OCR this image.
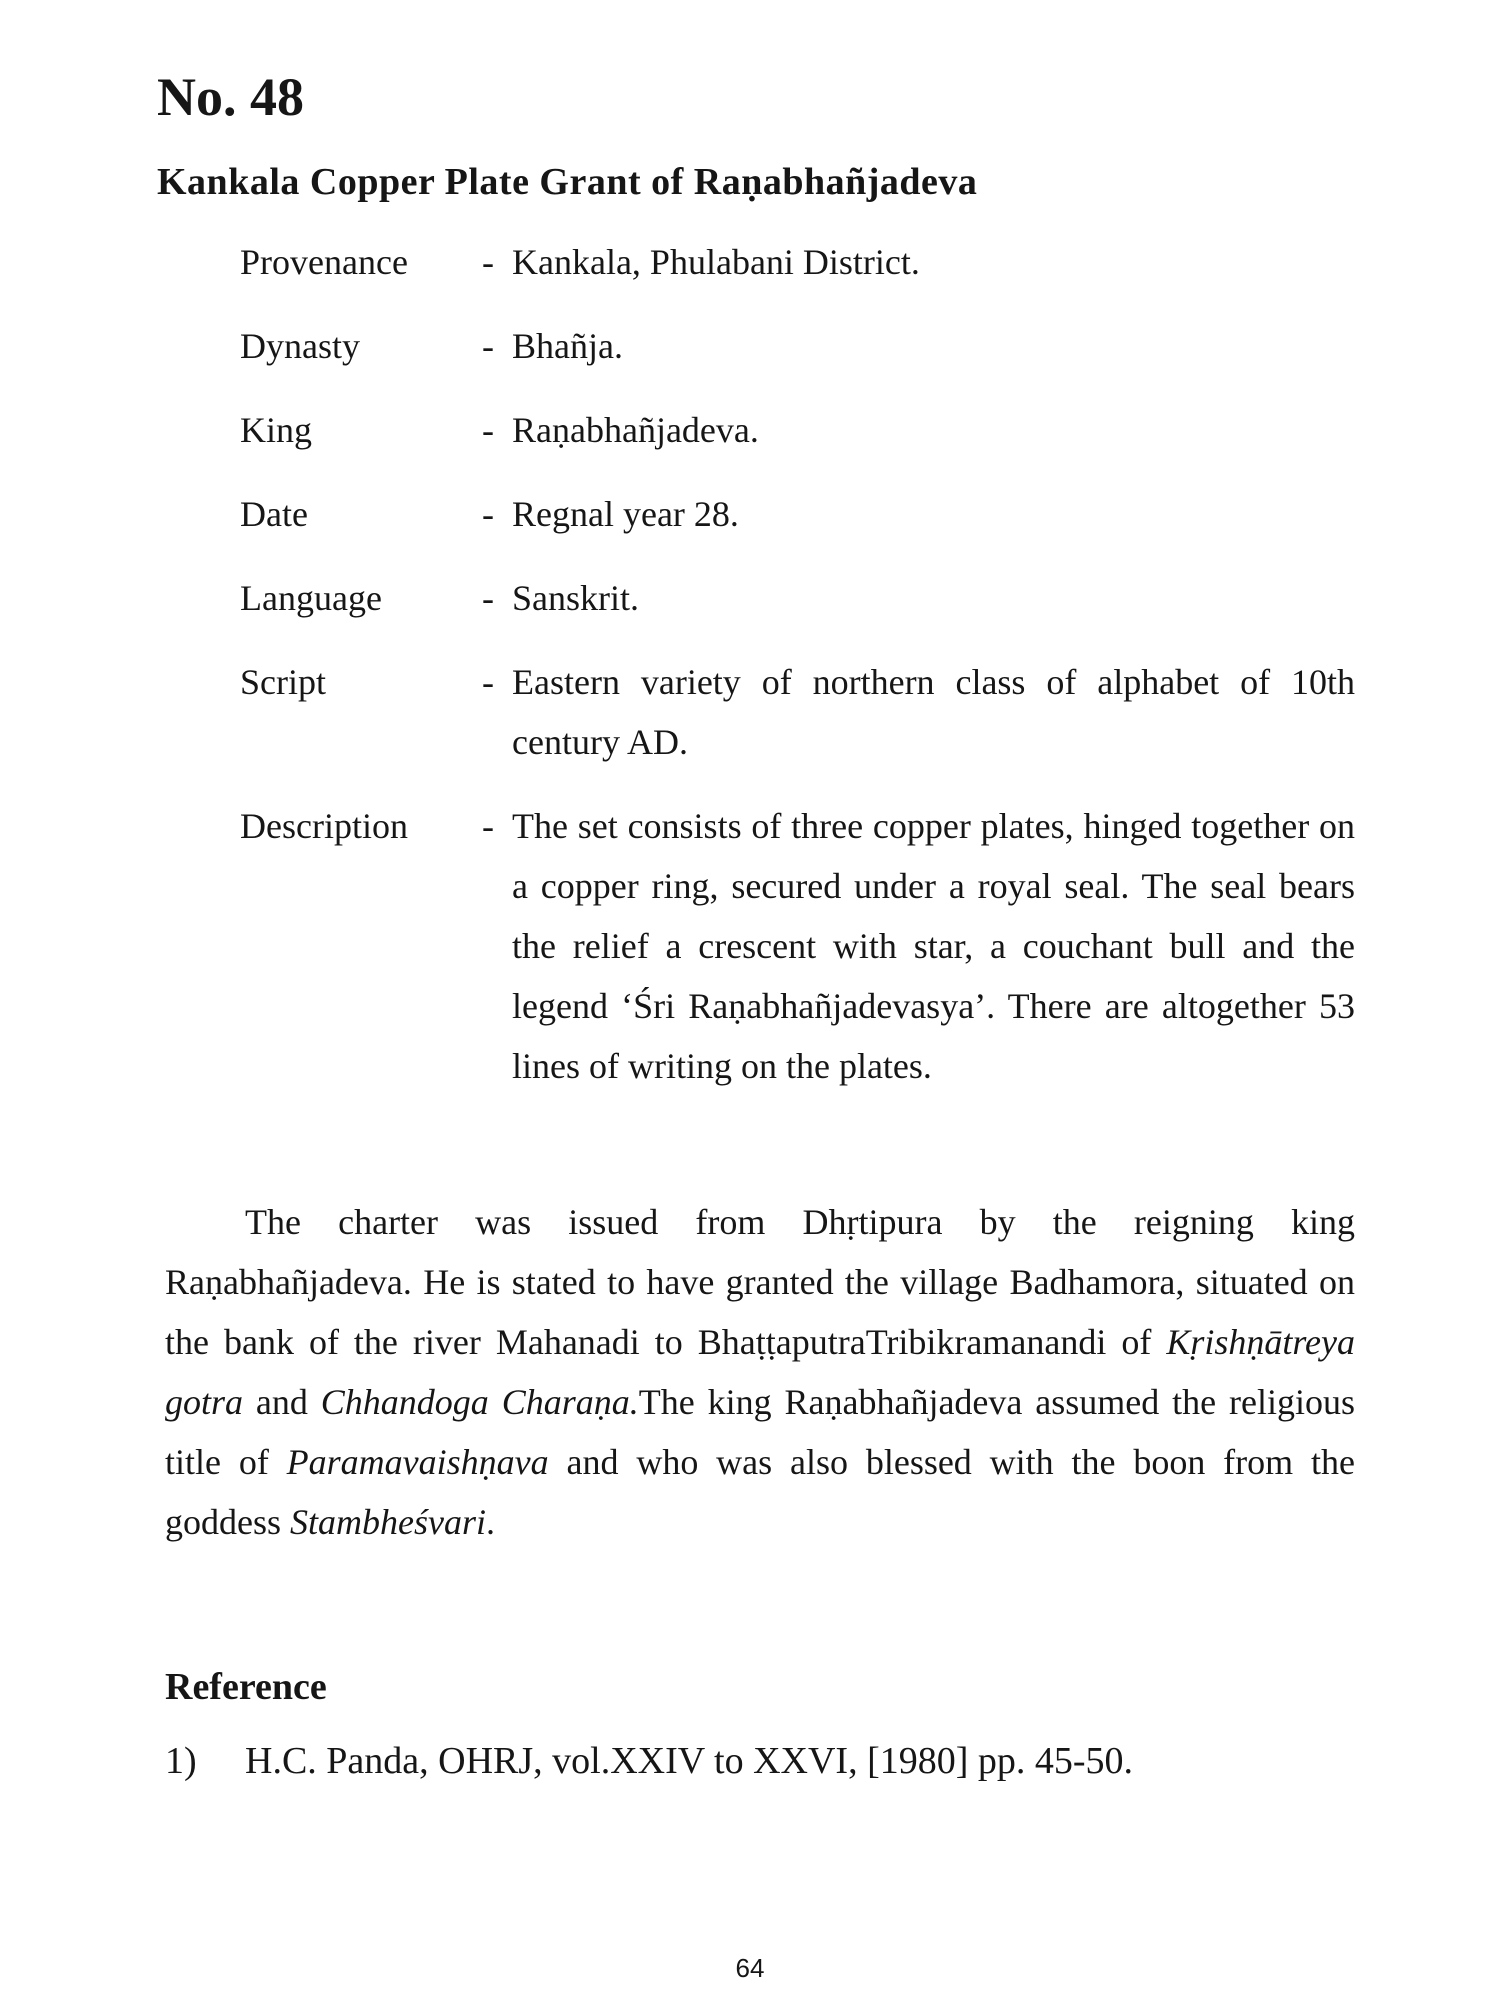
No. 48
Kankala Copper Plate Grant of Raṇabhañjadeva
Provenance	- Kankala, Phulabani District.
Dynasty	- Bhañja.
King	- Raṇabhañjadeva.
Date	- Regnal year 28.
Language	- Sanskrit.
Script	- Eastern variety of northern class of alphabet of 10th century AD.
Description	- The set consists of three copper plates, hinged together on a copper ring, secured under a royal seal. The seal bears the relief a crescent with star, a couchant bull and the legend ‘Śri Raṇabhañjadevasya’. There are altogether 53 lines of writing on the plates.

The charter was issued from Dhṛtipura by the reigning king Raṇabhañjadeva. He is stated to have granted the village Badhamora, situated on the bank of the river Mahanadi to BhaṭṭaputraTribikramanandi of Kṛishṇātreya gotra and Chhandoga Charaṇa.The king Raṇabhañjadeva assumed the religious title of Paramavaishṇava and who was also blessed with the boon from the goddess Stambheśvari.

Reference
1)	H.C. Panda, OHRJ, vol.XXIV to XXVI, [1980] pp. 45-50.
64
